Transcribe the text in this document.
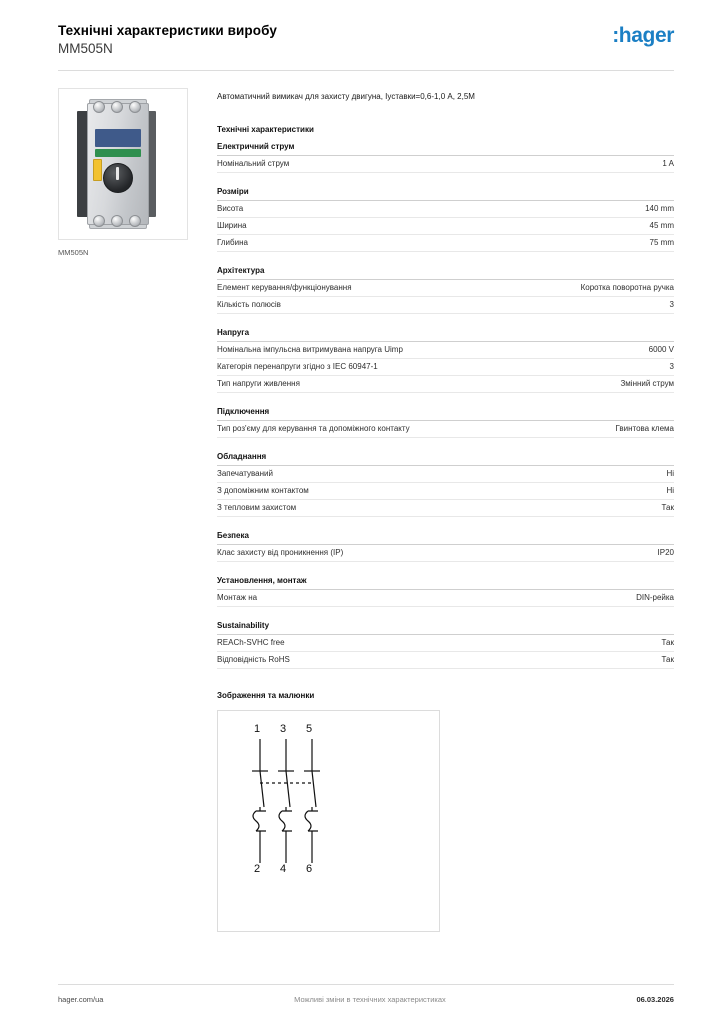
Технічні характеристики виробу
MM505N
:hager
MM505N
Автоматичний вимикач для захисту двигуна, Іуставки=0,6-1,0 A, 2,5М
Технічні характеристики
Електричний струм
Номінальний струм	1 A
Розміри
Висота	140 mm
Ширина	45 mm
Глибина	75 mm
Архітектура
Елемент керування/функціонування	Коротка поворотна ручка
Кількість полюсів	3
Напруга
Номінальна імпульсна витримувана напруга Uimp	6000 V
Категорія перенапруги згідно з IEC 60947-1	3
Тип напруги живлення	Змінний струм
Підключення
Тип роз'єму для керування та допоміжного контакту	Гвинтова клема
Обладнання
Запечатуваний	Ні
З допоміжним контактом	Ні
З тепловим захистом	Так
Безпека
Клас захисту від проникнення (IP)	IP20
Установлення, монтаж
Монтаж на	DIN-рейка
Sustainability
REACh-SVHC free	Так
Відповідність RoHS	Так
Зображення та малюнки
1 3 5
2 4 6
hager.com/ua	Можливі зміни в технічних характеристиках	06.03.2026
